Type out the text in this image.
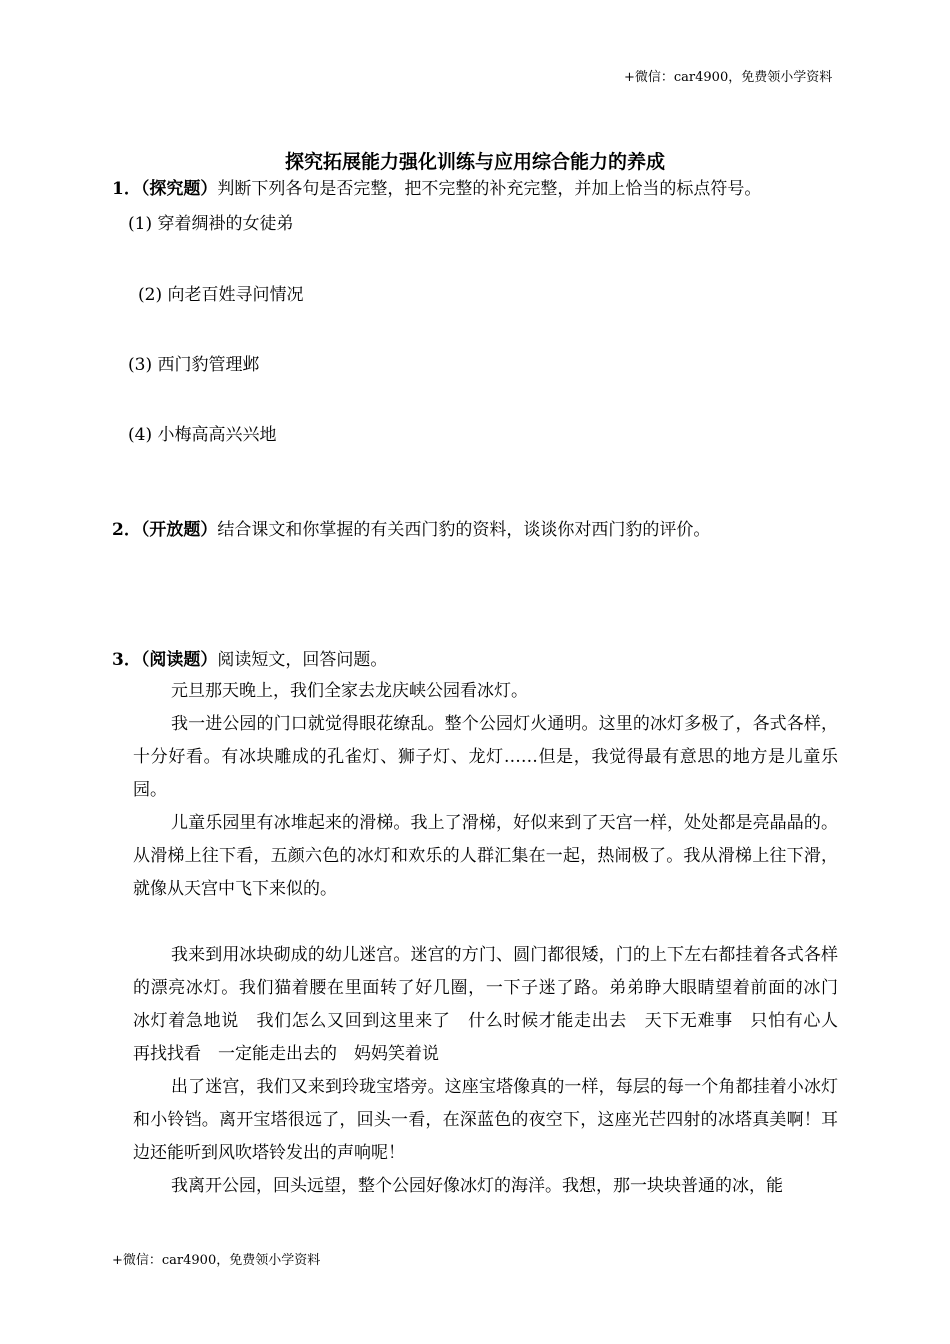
+微信：car4900，免费领小学资料
探究拓展能力强化训练与应用综合能力的养成
1．（探究题）判断下列各句是否完整，把不完整的补充完整，并加上恰当的标点符号。
(1) 穿着绸褂的女徒弟
(2) 向老百姓寻问情况
(3) 西门豹管理邺
(4) 小梅高高兴兴地
2．（开放题）结合课文和你掌握的有关西门豹的资料，谈谈你对西门豹的评价。
3．（阅读题）阅读短文，回答问题。
元旦那天晚上，我们全家去龙庆峡公园看冰灯。
我一进公园的门口就觉得眼花缭乱。整个公园灯火通明。这里的冰灯多极了，各式各样，十分好看。有冰块雕成的孔雀灯、狮子灯、龙灯……但是，我觉得最有意思的地方是儿童乐园。
儿童乐园里有冰堆起来的滑梯。我上了滑梯，好似来到了天宫一样，处处都是亮晶晶的。从滑梯上往下看，五颜六色的冰灯和欢乐的人群汇集在一起，热闹极了。我从滑梯上往下滑，就像从天宫中飞下来似的。
我来到用冰块砌成的幼儿迷宫。迷宫的方门、圆门都很矮，门的上下左右都挂着各式各样的漂亮冰灯。我们猫着腰在里面转了好几圈，一下子迷了路。弟弟睁大眼睛望着前面的冰门　冰灯着急地说　我们怎么又回到这里来了　什么时候才能走出去　天下无难事　只怕有心人　再找找看　一定能走出去的　妈妈笑着说
出了迷宫，我们又来到玲珑宝塔旁。这座宝塔像真的一样，每层的每一个角都挂着小冰灯和小铃铛。离开宝塔很远了，回头一看，在深蓝色的夜空下，这座光芒四射的冰塔真美啊！耳边还能听到风吹塔铃发出的声响呢！
我离开公园，回头远望，整个公园好像冰灯的海洋。我想，那一块块普通的冰，能
+微信：car4900，免费领小学资料
